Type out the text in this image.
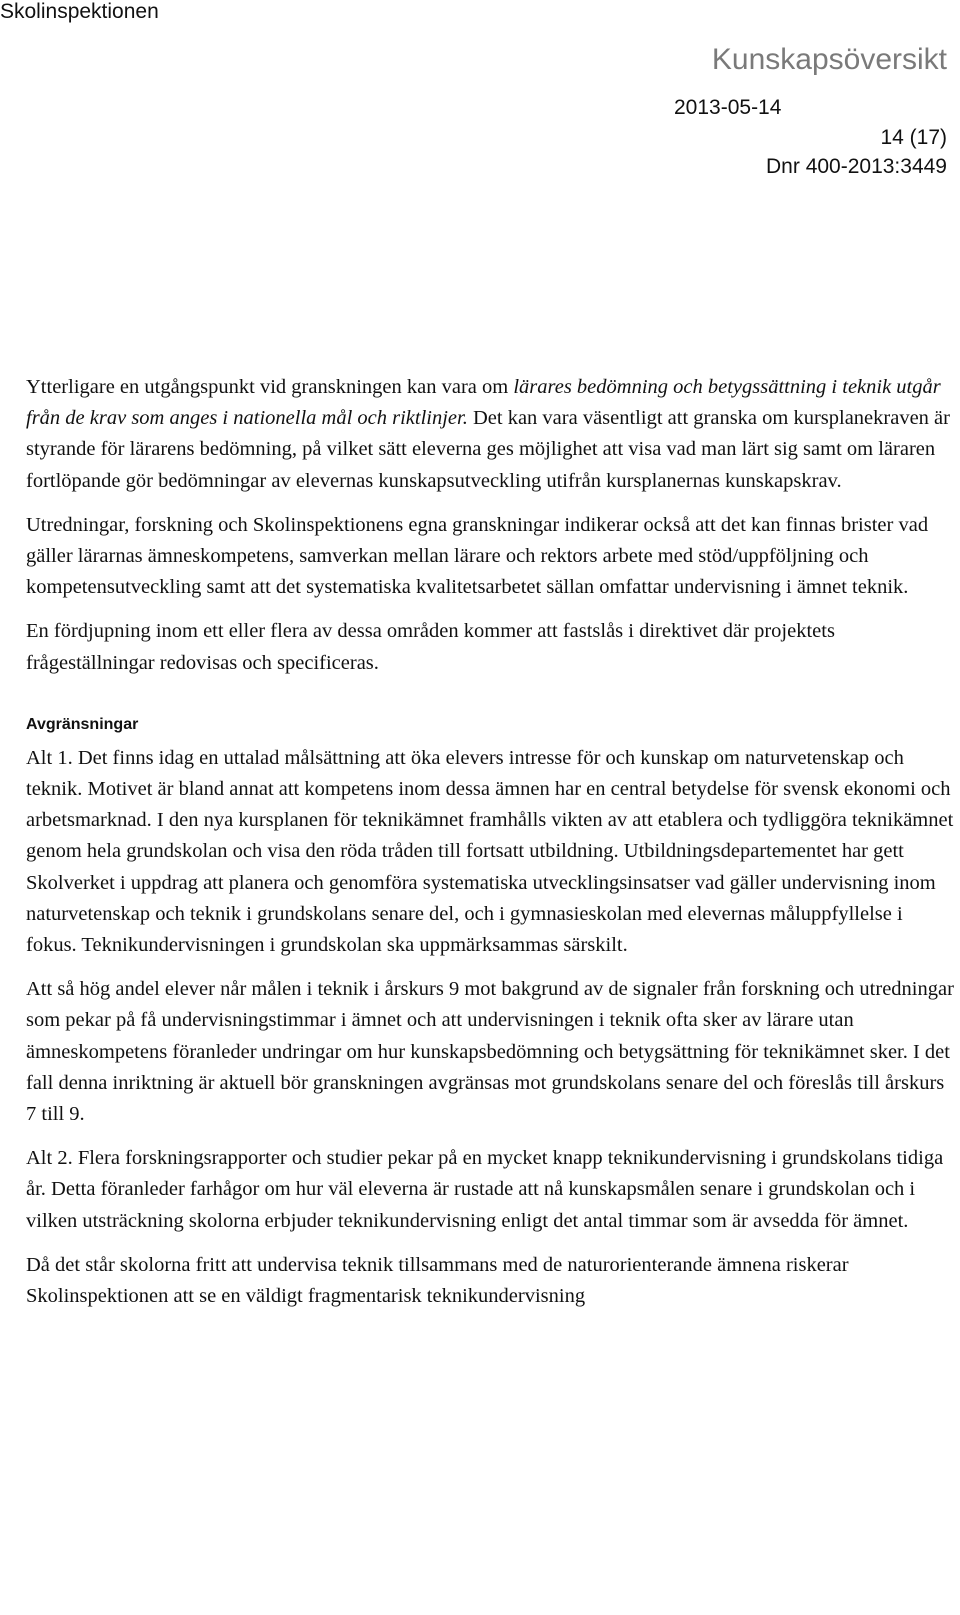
Skolinspektionen
Kunskapsöversikt
2013-05-14
14 (17)
Dnr 400-2013:3449

Ytterligare en utgångspunkt vid granskningen kan vara om lärares bedömning och betygssättning i teknik utgår från de krav som anges i nationella mål och riktlinjer. Det kan vara väsentligt att granska om kursplanekraven är styrande för lärarens bedömning, på vilket sätt eleverna ges möjlighet att visa vad man lärt sig samt om läraren fortlöpande gör bedömningar av elevernas kunskapsutveckling utifrån kursplanernas kunskapskrav.

Utredningar, forskning och Skolinspektionens egna granskningar indikerar också att det kan finnas brister vad gäller lärarnas ämneskompetens, samverkan mellan lärare och rektors arbete med stöd/uppföljning och kompetensutveckling samt att det systematiska kvalitetsarbetet sällan omfattar undervisning i ämnet teknik.

En fördjupning inom ett eller flera av dessa områden kommer att fastslås i direktivet där projektets frågeställningar redovisas och specificeras.

Avgränsningar

Alt 1. Det finns idag en uttalad målsättning att öka elevers intresse för och kunskap om naturvetenskap och teknik. Motivet är bland annat att kompetens inom dessa ämnen har en central betydelse för svensk ekonomi och arbetsmarknad. I den nya kursplanen för teknikämnet framhålls vikten av att etablera och tydliggöra teknikämnet genom hela grundskolan och visa den röda tråden till fortsatt utbildning. Utbildningsdepartementet har gett Skolverket i uppdrag att planera och genomföra systematiska utvecklingsinsatser vad gäller undervisning inom naturvetenskap och teknik i grundskolans senare del, och i gymnasieskolan med elevernas måluppfyllelse i fokus. Teknikundervisningen i grundskolan ska uppmärksammas särskilt.

Att så hög andel elever når målen i teknik i årskurs 9 mot bakgrund av de signaler från forskning och utredningar som pekar på få undervisningstimmar i ämnet och att undervisningen i teknik ofta sker av lärare utan ämneskompetens föranleder undringar om hur kunskapsbedömning och betygsättning för teknikämnet sker. I det fall denna inriktning är aktuell bör granskningen avgränsas mot grundskolans senare del och föreslås till årskurs 7 till 9.

Alt 2. Flera forskningsrapporter och studier pekar på en mycket knapp teknikundervisning i grundskolans tidiga år. Detta föranleder farhågor om hur väl eleverna är rustade att nå kunskapsmålen senare i grundskolan och i vilken utsträckning skolorna erbjuder teknikundervisning enligt det antal timmar som är avsedda för ämnet.

Då det står skolorna fritt att undervisa teknik tillsammans med de naturorienterande ämnena riskerar Skolinspektionen att se en väldigt fragmentarisk teknikundervisning
